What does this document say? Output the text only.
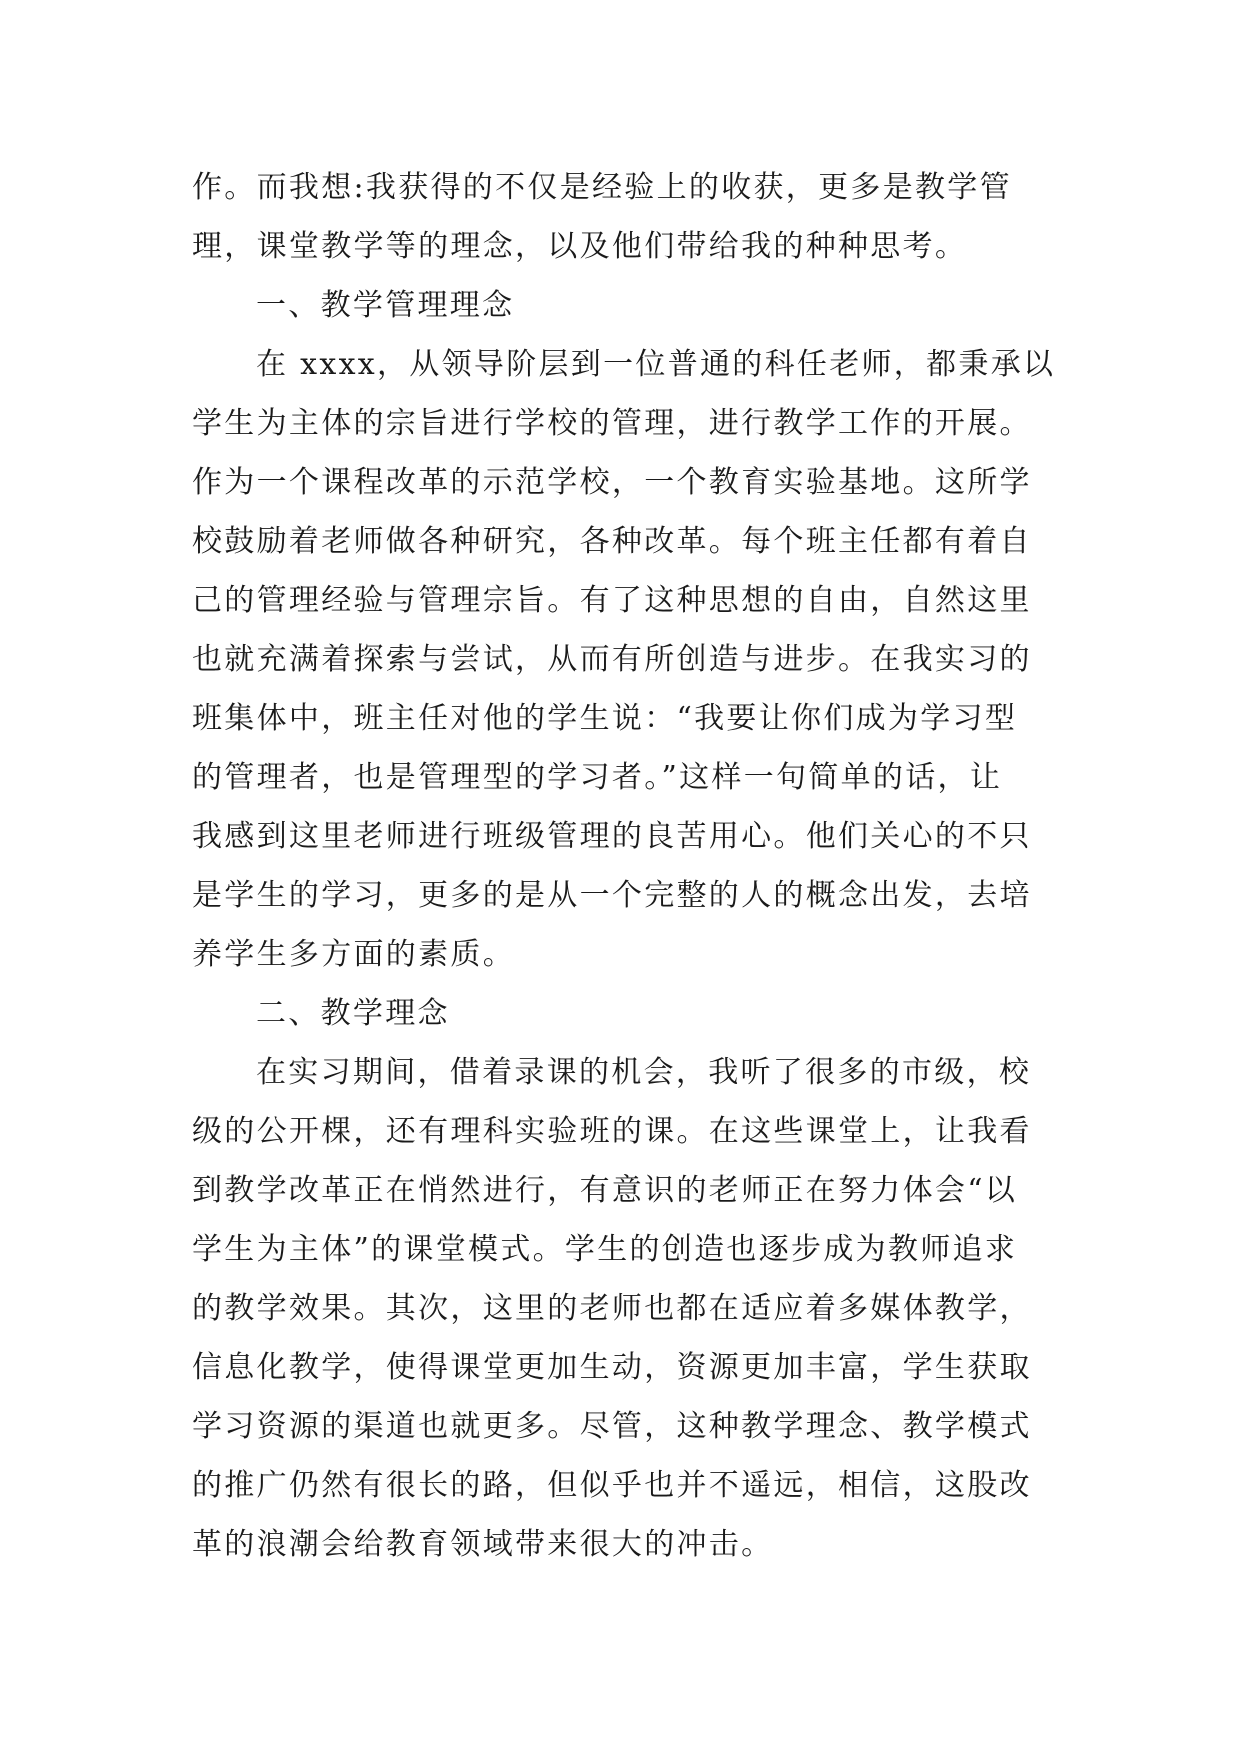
作。而我想:我获得的不仅是经验上的收获，更多是教学管
理，课堂教学等的理念，以及他们带给我的种种思考。
一、教学管理理念
在 xxxx，从领导阶层到一位普通的科任老师，都秉承以
学生为主体的宗旨进行学校的管理，进行教学工作的开展。
作为一个课程改革的示范学校，一个教育实验基地。这所学
校鼓励着老师做各种研究，各种改革。每个班主任都有着自
己的管理经验与管理宗旨。有了这种思想的自由，自然这里
也就充满着探索与尝试，从而有所创造与进步。在我实习的
班集体中，班主任对他的学生说：“我要让你们成为学习型
的管理者，也是管理型的学习者。”这样一句简单的话，让
我感到这里老师进行班级管理的良苦用心。他们关心的不只
是学生的学习，更多的是从一个完整的人的概念出发，去培
养学生多方面的素质。
二、教学理念
在实习期间，借着录课的机会，我听了很多的市级，校
级的公开棵，还有理科实验班的课。在这些课堂上，让我看
到教学改革正在悄然进行，有意识的老师正在努力体会“以
学生为主体”的课堂模式。学生的创造也逐步成为教师追求
的教学效果。其次，这里的老师也都在适应着多媒体教学，
信息化教学，使得课堂更加生动，资源更加丰富，学生获取
学习资源的渠道也就更多。尽管，这种教学理念、教学模式
的推广仍然有很长的路，但似乎也并不遥远，相信，这股改
革的浪潮会给教育领域带来很大的冲击。
